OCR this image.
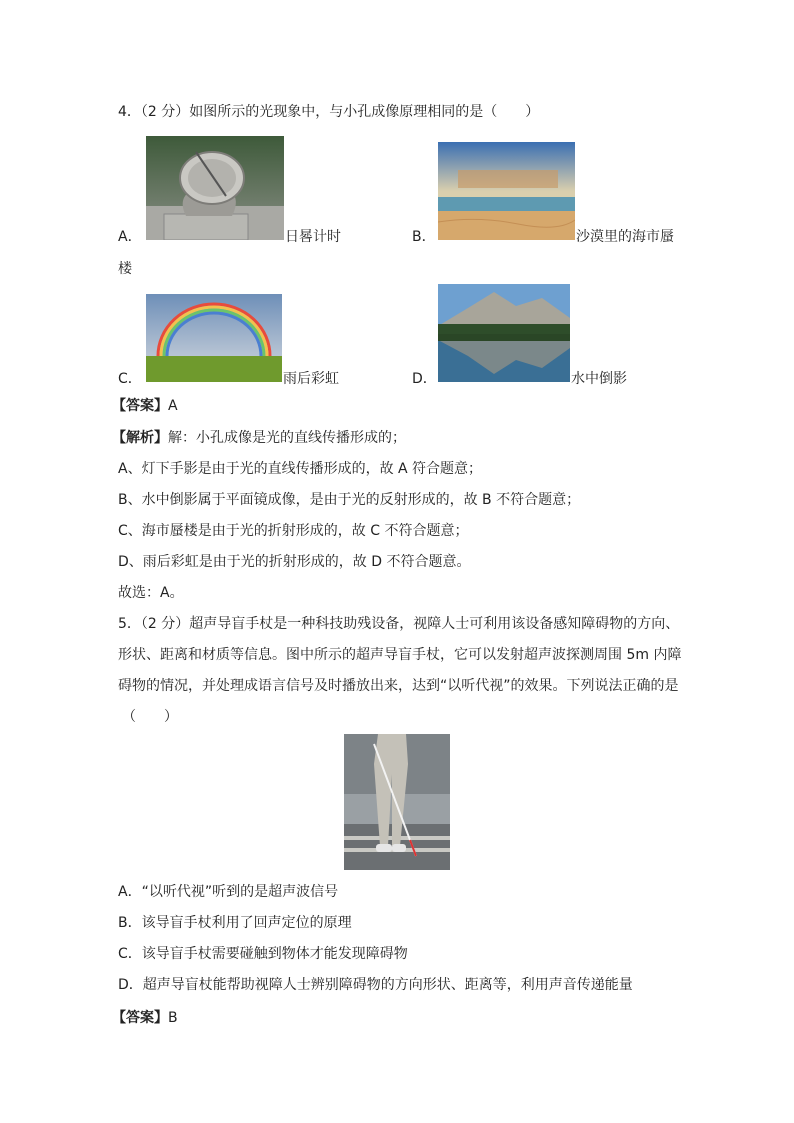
4．（2 分）如图所示的光现象中，与小孔成像原理相同的是（　　）
A．	日晷计时	B．	沙漠里的海市蜃
楼
C．	雨后彩虹	D．	水中倒影
【答案】A
【解析】解：小孔成像是光的直线传播形成的；
A、灯下手影是由于光的直线传播形成的，故 A 符合题意；
B、水中倒影属于平面镜成像，是由于光的反射形成的，故 B 不符合题意；
C、海市蜃楼是由于光的折射形成的，故 C 不符合题意；
D、雨后彩虹是由于光的折射形成的，故 D 不符合题意。
故选：A。
5．（2 分）超声导盲手杖是一种科技助残设备，视障人士可利用该设备感知障碍物的方向、
形状、距离和材质等信息。图中所示的超声导盲手杖，它可以发射超声波探测周围 5m 内障
碍物的情况，并处理成语言信号及时播放出来，达到“以听代视”的效果。下列说法正确的是
（　　）
A．“以听代视”听到的是超声波信号
B．该导盲手杖利用了回声定位的原理
C．该导盲手杖需要碰触到物体才能发现障碍物
D．超声导盲杖能帮助视障人士辨别障碍物的方向形状、距离等，利用声音传递能量
【答案】B
